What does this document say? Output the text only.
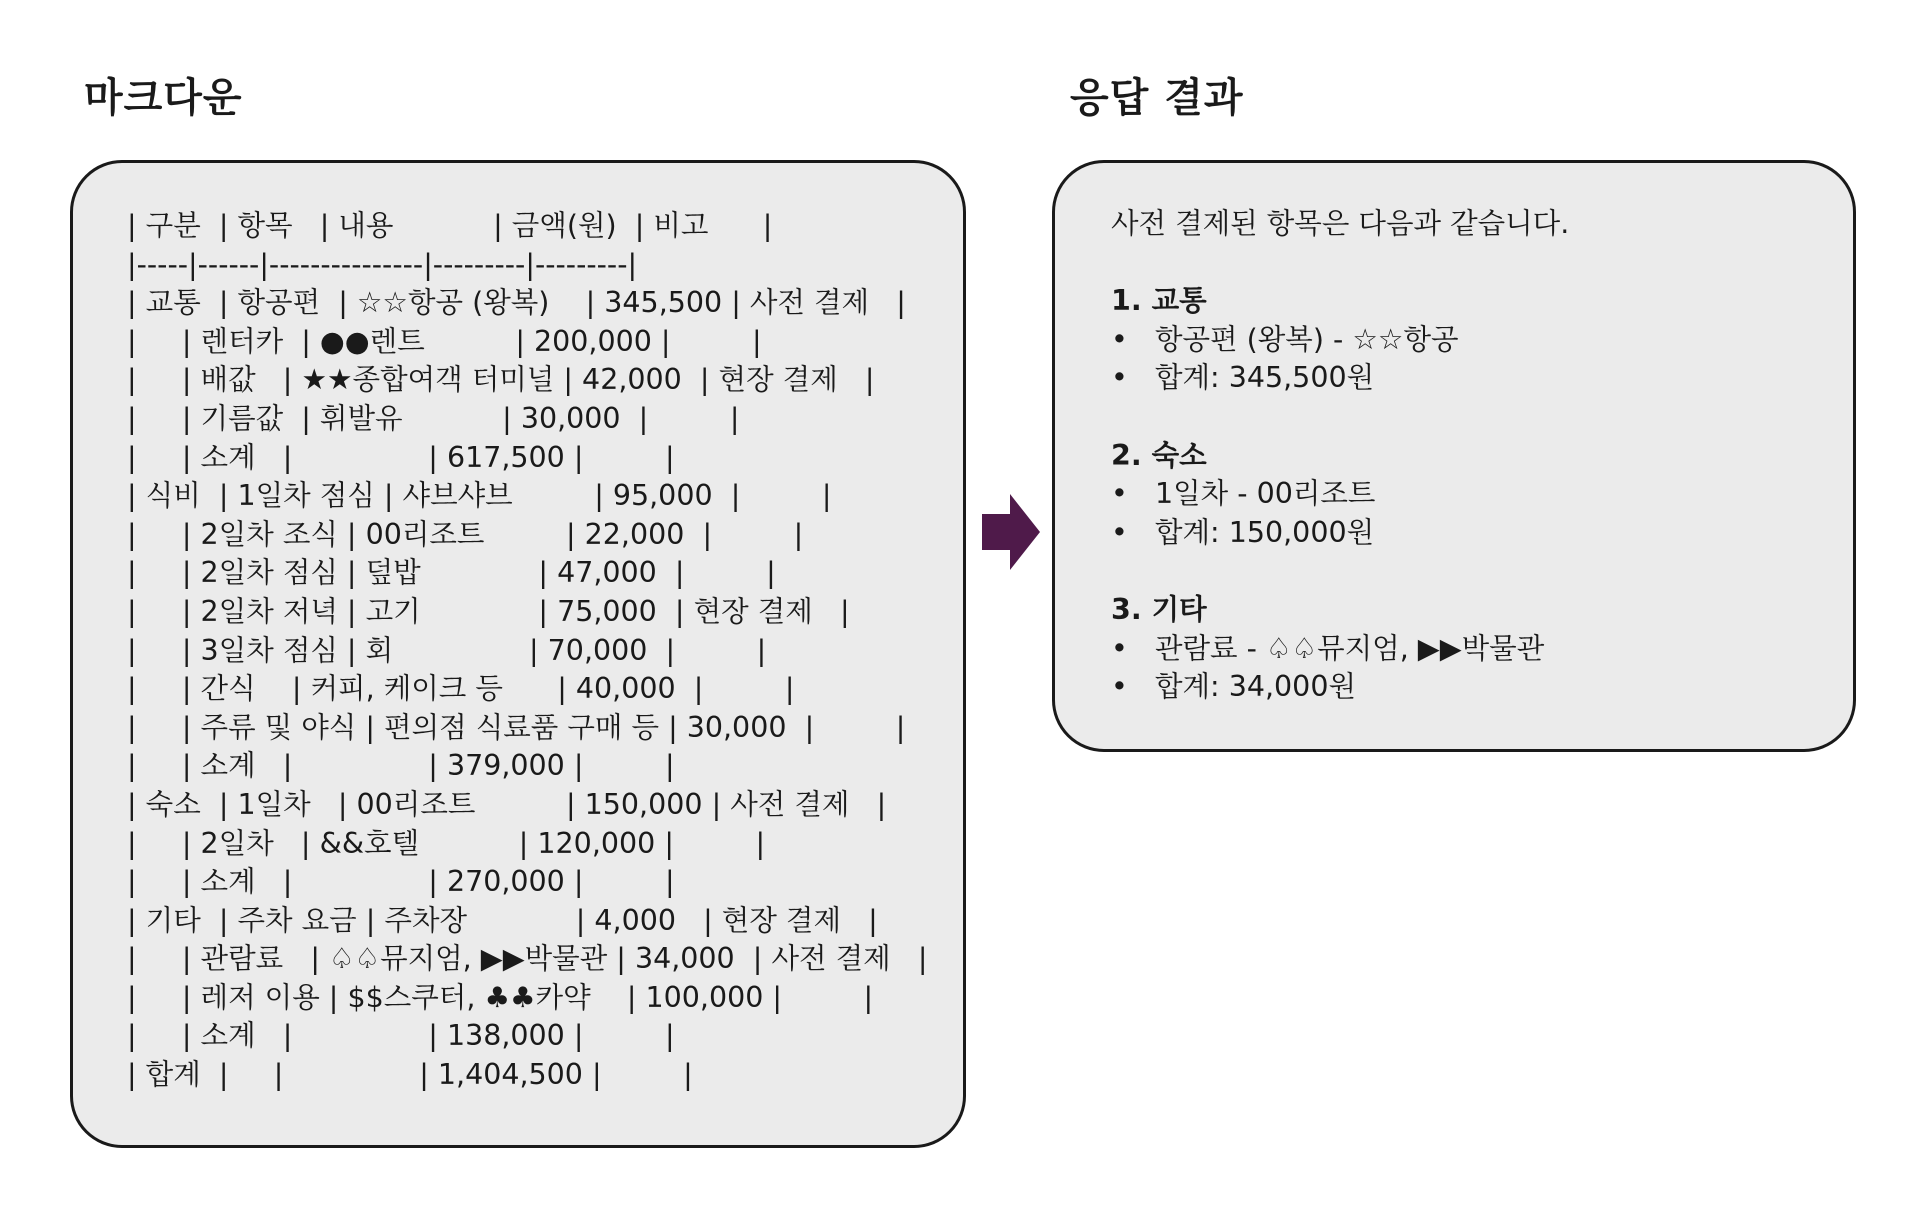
마크다운	응답 결과
| 구분  | 항목   | 내용           | 금액(원)  | 비고      |
|-----|------|---------------|---------|---------|
| 교통  | 항공편  | ☆☆항공 (왕복)    | 345,500 | 사전 결제   |
|     | 렌터카  | ●●렌트          | 200,000 |         |
|     | 배값   | ★★종합여객 터미널 | 42,000  | 현장 결제   |
|     | 기름값  | 휘발유           | 30,000  |         |
|     | 소계   |               | 617,500 |         |
| 식비  | 1일차 점심 | 샤브샤브         | 95,000  |         |
|     | 2일차 조식 | 00리조트         | 22,000  |         |
|     | 2일차 점심 | 덮밥             | 47,000  |         |
|     | 2일차 저녁 | 고기             | 75,000  | 현장 결제   |
|     | 3일차 점심 | 회               | 70,000  |         |
|     | 간식    | 커피, 케이크 등      | 40,000  |         |
|     | 주류 및 야식 | 편의점 식료품 구매 등 | 30,000  |         |
|     | 소계   |               | 379,000 |         |
| 숙소  | 1일차   | 00리조트          | 150,000 | 사전 결제   |
|     | 2일차   | &&호텔           | 120,000 |         |
|     | 소계   |               | 270,000 |         |
| 기타  | 주차 요금 | 주차장            | 4,000   | 현장 결제   |
|     | 관람료   | ♤♤뮤지엄, ▶▶박물관 | 34,000  | 사전 결제   |
|     | 레저 이용 | $$스쿠터, ♣♣카약    | 100,000 |         |
|     | 소계   |               | 138,000 |         |
| 합계  |     |               | 1,404,500 |         |
사전 결제된 항목은 다음과 같습니다.
1. 교통
• 항공편 (왕복) - ☆☆항공
• 합계: 345,500원
2. 숙소
• 1일차 - 00리조트
• 합계: 150,000원
3. 기타
• 관람료 - ♤♤뮤지엄, ▶▶박물관
• 합계: 34,000원
